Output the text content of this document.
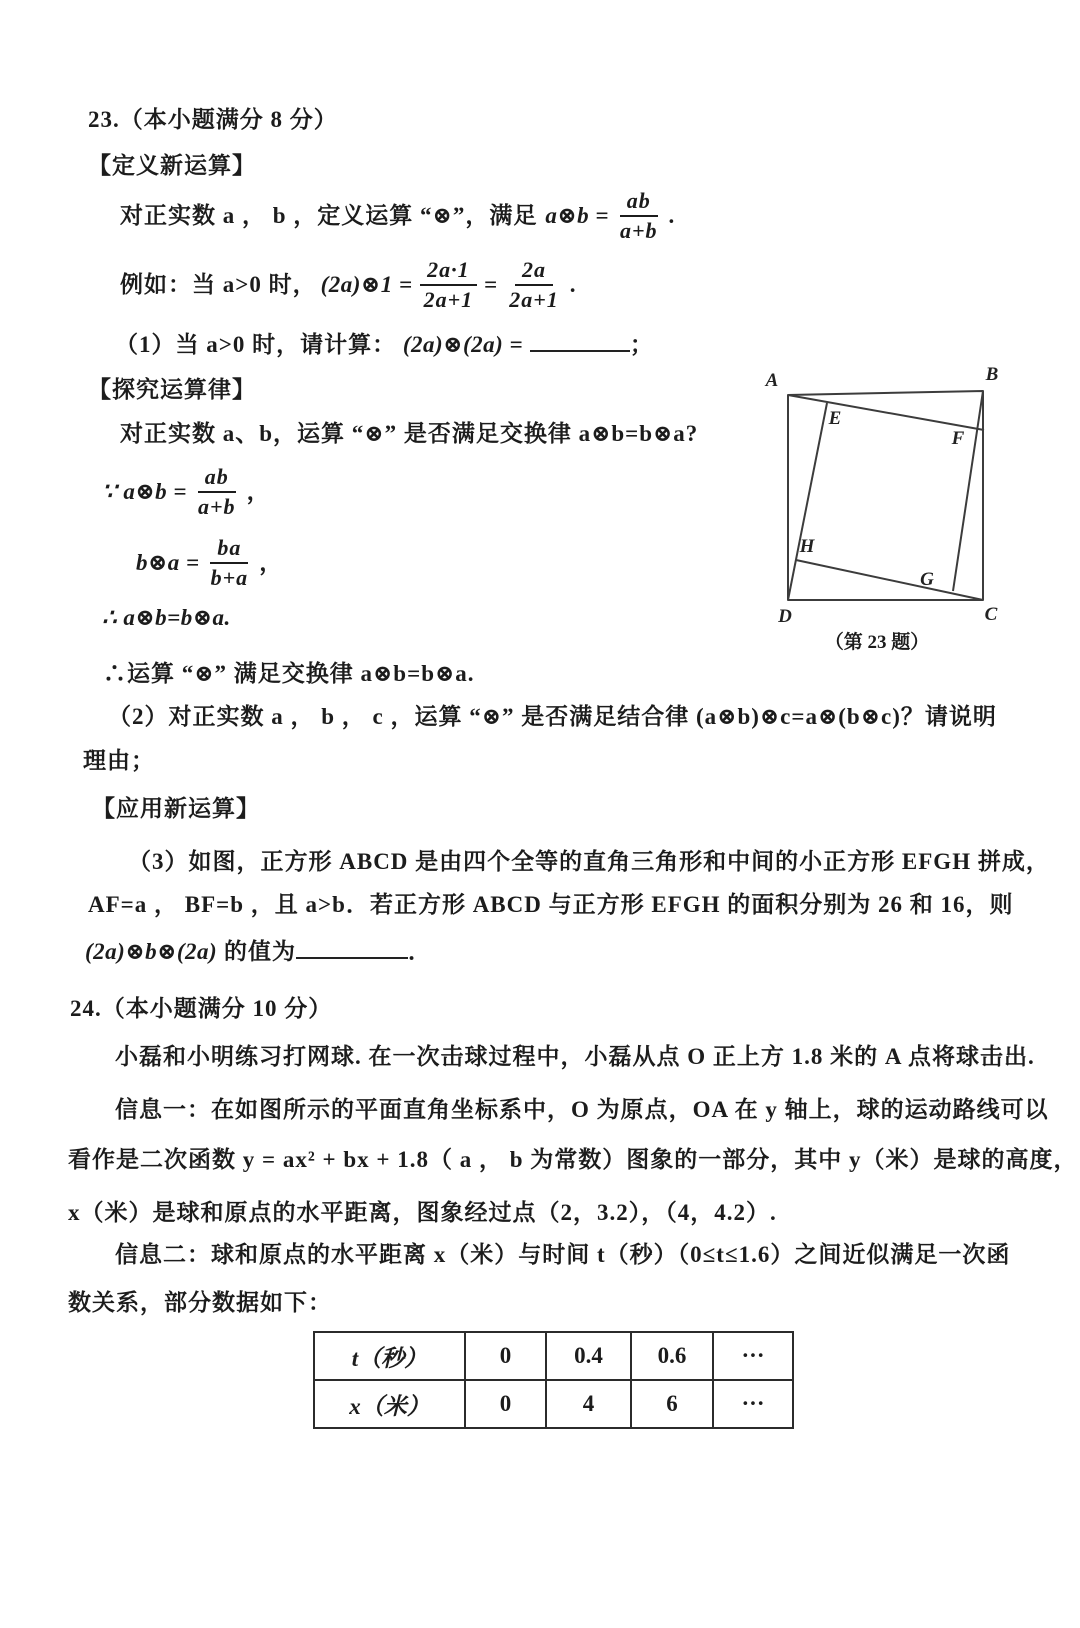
23.（本小题满分 8 分）
【定义新运算】
对正实数 a ， b ，定义运算 “⊗”，满足 a⊗b = $\frac{ab}{a+b}$ .
例如：当 a>0 时， (2a)⊗1 = $\frac{2a\cdot 1}{2a+1} = \frac{2a}{2a+1}$ .
（1）当 a>0 时，请计算： (2a)⊗(2a) =	；
【探究运算律】
对正实数 a、b，运算 “⊗” 是否满足交换律 a⊗b=b⊗a?
∵ a⊗b = $\frac{ab}{a+b}$ ，
b⊗a = $\frac{ba}{b+a}$ ，
∴ a⊗b=b⊗a.
∴运算 “⊗” 满足交换律 a⊗b=b⊗a.
（2）对正实数 a ， b ， c ，运算 “⊗” 是否满足结合律 (a⊗b)⊗c=a⊗(b⊗c)？请说明
理由；
【应用新运算】
（3）如图，正方形 ABCD 是由四个全等的直角三角形和中间的小正方形 EFGH 拼成，
AF=a ， BF=b ，且 a>b．若正方形 ABCD 与正方形 EFGH 的面积分别为 26 和 16，则
(2a)⊗b⊗(2a) 的值为	．
A	B
C
D
E
F
G
H
（第 23 题）
24.（本小题满分 10 分）
小磊和小明练习打网球. 在一次击球过程中，小磊从点 O 正上方 1.8 米的 A 点将球击出.
信息一：在如图所示的平面直角坐标系中，O 为原点，OA 在 y 轴上，球的运动路线可以
看作是二次函数 y = ax² + bx + 1.8（ a ， b 为常数）图象的一部分，其中 y（米）是球的高度，
x（米）是球和原点的水平距离，图象经过点（2，3.2），（4，4.2）.
信息二：球和原点的水平距离 x（米）与时间 t（秒）（0≤t≤1.6）之间近似满足一次函
数关系，部分数据如下：
t（秒）	0	0.4	0.6	···
x（米）	0	4	6	···
